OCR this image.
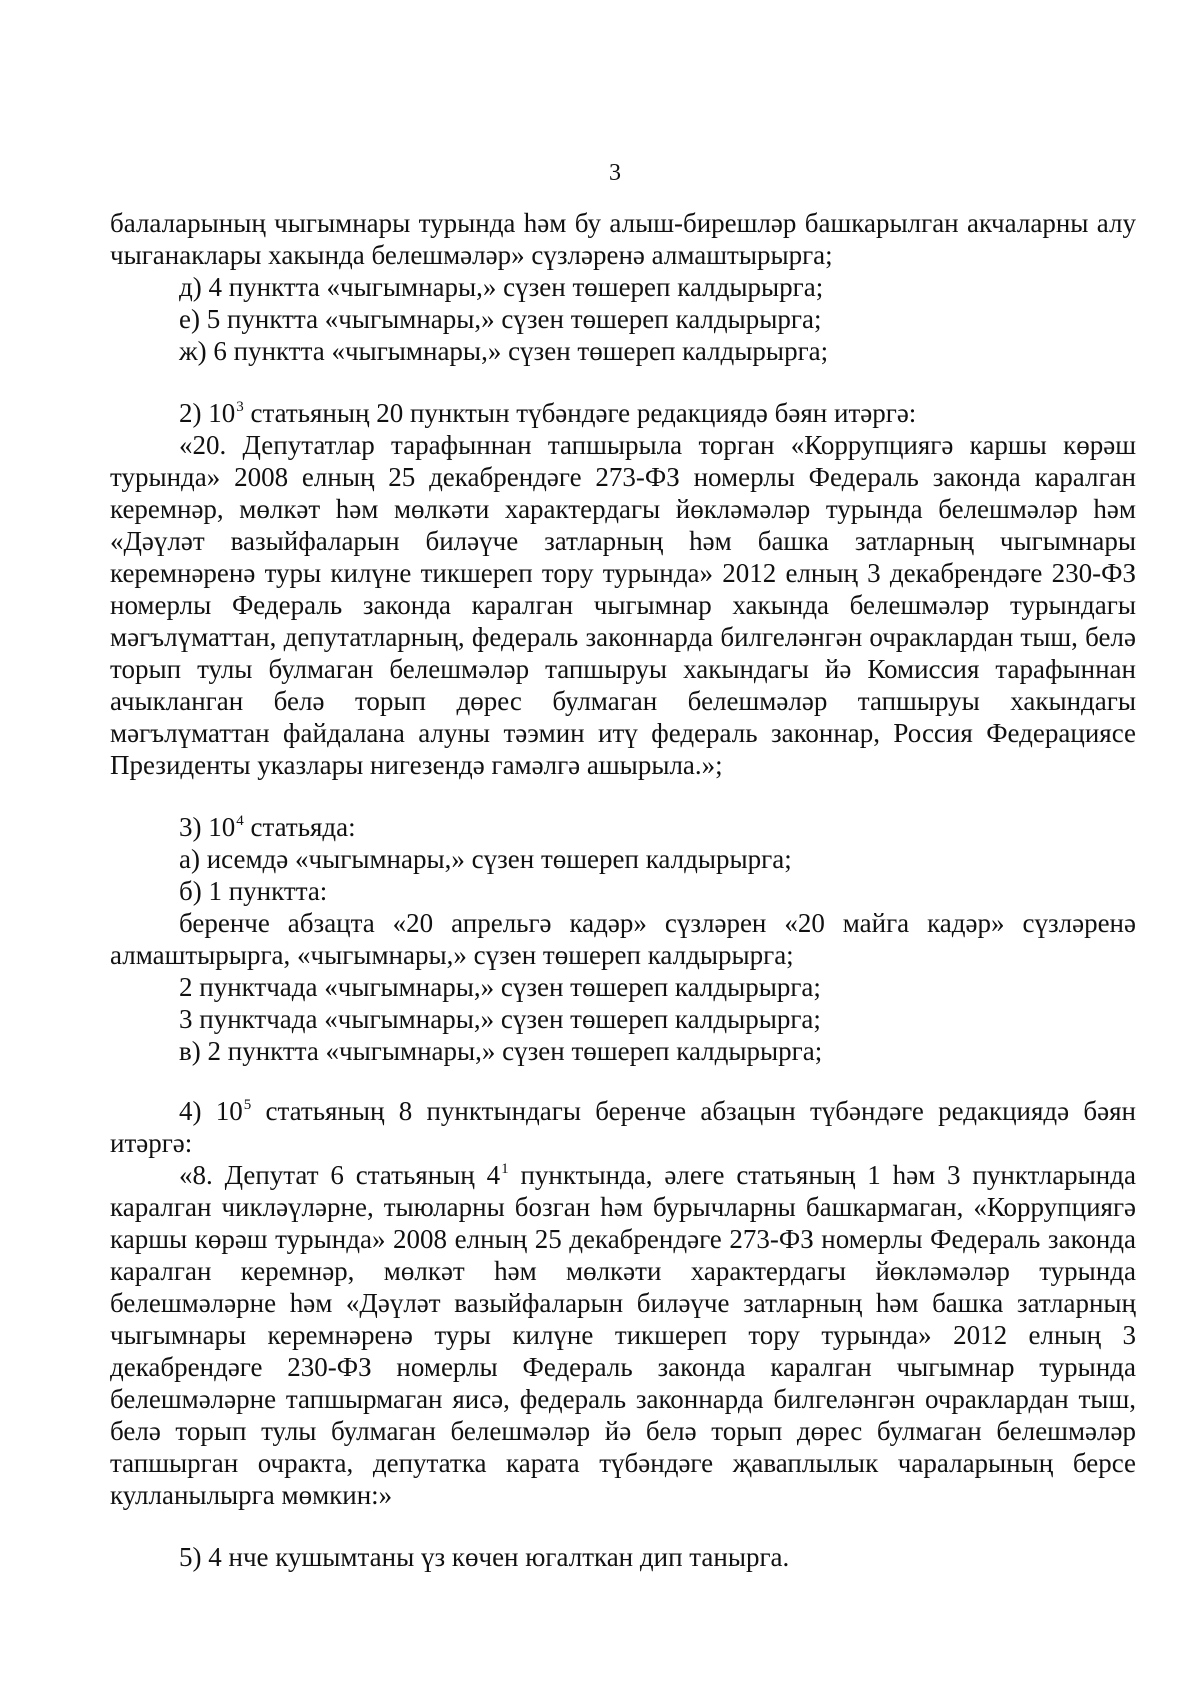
3

балаларының чыгымнары турында һәм бу алыш-бирешләр башкарылган акчаларны алу чыганаклары хакында белешмәләр» сүзләренә алмаштырырга;

д) 4 пунктта «чыгымнары,» сүзен төшереп калдырырга;

е) 5 пунктта «чыгымнары,» сүзен төшереп калдырырга;

ж) 6 пунктта «чыгымнары,» сүзен төшереп калдырырга;

2) $10^3$ статьяның 20 пунктын түбәндәге редакциядә бәян итәргә:

«20. Депутатлар тарафыннан тапшырыла торган «Коррупциягә каршы көрәш турында» 2008 елның 25 декабрендәге 273-ФЗ номерлы Федераль законда каралган керемнәр, мөлкәт һәм мөлкәти характердагы йөкләмәләр турында белешмәләр һәм «Дәүләт вазыйфаларын биләүче затларның һәм башка затларның чыгымнары керемнәренә туры килүне тикшереп тору турында» 2012 елның 3 декабрендәге 230-ФЗ номерлы Федераль законда каралган чыгымнар хакында белешмәләр турындагы мәгълүматтан, депутатларның, федераль законнарда билгеләнгән очраклардан тыш, белә торып тулы булмаган белешмәләр тапшыруы хакындагы йә Комиссия тарафыннан ачыкланган белә торып дөрес булмаган белешмәләр тапшыруы хакындагы мәгълүматтан файдалана алуны тәэмин итү федераль законнар, Россия Федерациясе Президенты указлары нигезендә гамәлгә ашырыла.»;

3) $10^4$ статьяда:

а) исемдә «чыгымнары,» сүзен төшереп калдырырга;

б) 1 пунктта:

беренче абзацта «20 апрельгә кадәр» сүзләрен «20 майга кадәр» сүзләренә алмаштырырга, «чыгымнары,» сүзен төшереп калдырырга;

2 пунктчада «чыгымнары,» сүзен төшереп калдырырга;

3 пунктчада «чыгымнары,» сүзен төшереп калдырырга;

в) 2 пунктта «чыгымнары,» сүзен төшереп калдырырга;

4) $10^5$ статьяның 8 пунктындагы беренче абзацын түбәндәге редакциядә бәян итәргә:

«8. Депутат 6 статьяның $4^1$ пунктында, әлеге статьяның 1 һәм 3 пунктларында каралган чикләүләрне, тыюларны бозган һәм бурычларны башкармаган, «Коррупциягә каршы көрәш турында» 2008 елның 25 декабрендәге 273-ФЗ номерлы Федераль законда каралган керемнәр, мөлкәт һәм мөлкәти характердагы йөкләмәләр турында белешмәләрне һәм «Дәүләт вазыйфаларын биләүче затларның һәм башка затларның чыгымнары керемнәренә туры килүне тикшереп тору турында» 2012 елның 3 декабрендәге 230-ФЗ номерлы Федераль законда каралган чыгымнар турында белешмәләрне тапшырмаган яисә, федераль законнарда билгеләнгән очраклардан тыш, белә торып тулы булмаган белешмәләр йә белә торып дөрес булмаган белешмәләр тапшырган очракта, депутатка карата түбәндәге җаваплылык чараларының берсе кулланылырга мөмкин:»

5) 4 нче кушымтаны үз көчен югалткан дип танырга.
